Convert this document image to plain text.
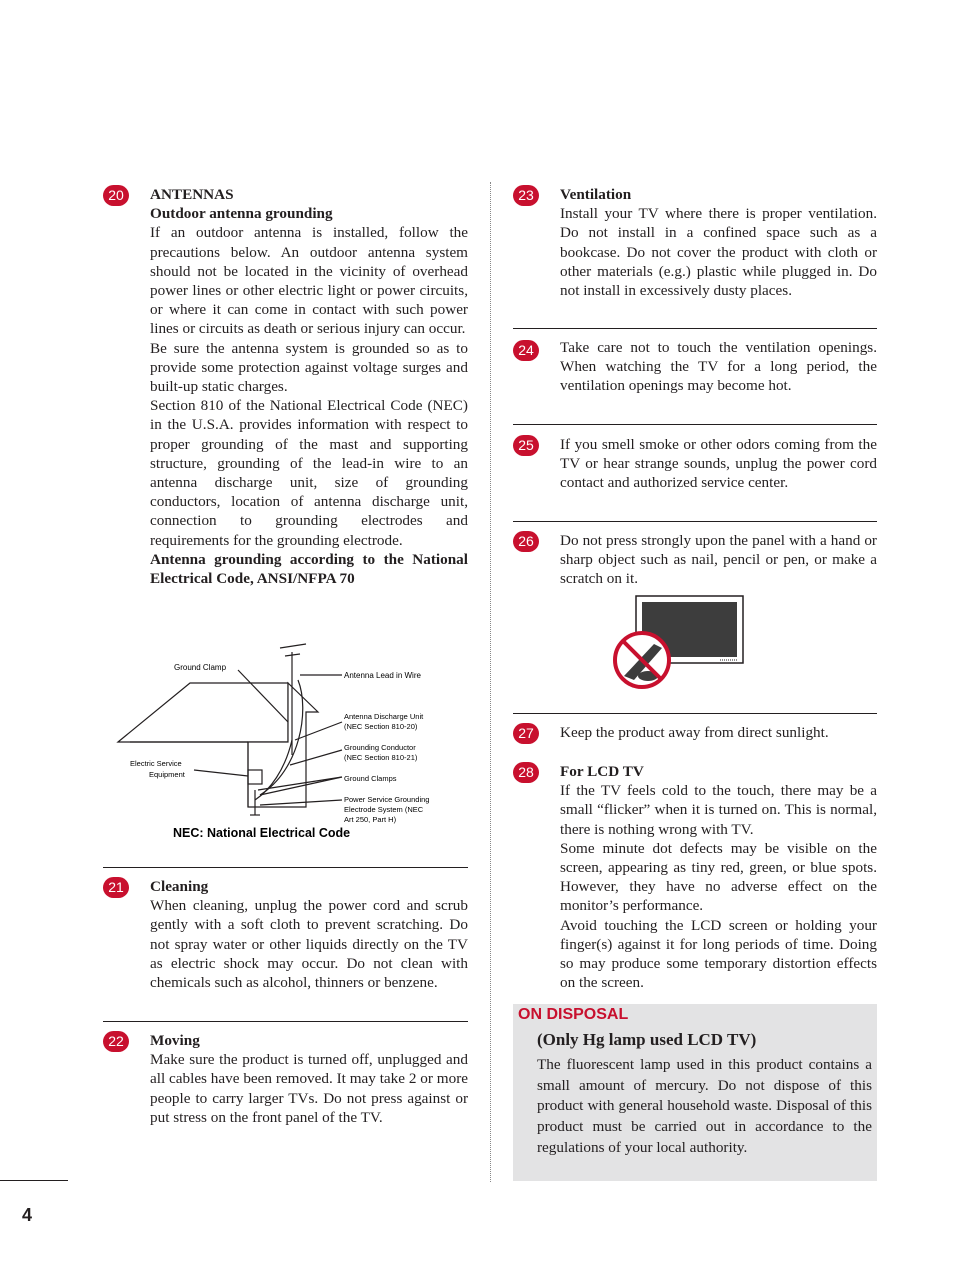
20	ANTENNAS
Outdoor antenna grounding
If an outdoor antenna is installed, follow the precautions below. An outdoor antenna system should not be located in the vicinity of overhead power lines or other electric light or power circuits, or where it can come in contact with such power lines or circuits as death or serious injury can occur.
Be sure the antenna system is grounded so as to provide some protection against voltage surges and built-up static charges.
Section 810 of the National Electrical Code (NEC) in the U.S.A. provides information with respect to proper grounding of the mast and supporting structure, grounding of the lead-in wire to an antenna discharge unit, size of grounding conductors, location of antenna discharge unit, connection to grounding electrodes and requirements for the grounding electrode.
Antenna grounding according to the National Electrical Code, ANSI/NFPA 70
Ground Clamp
Antenna Lead in Wire
Antenna Discharge Unit
(NEC Section 810-20)
Grounding Conductor
(NEC Section 810-21)
Ground Clamps
Electric Service
Equipment
Power Service Grounding
Electrode System (NEC
Art 250, Part H)
NEC: National Electrical Code
21	Cleaning
When cleaning, unplug the power cord and scrub gently with a soft cloth to prevent scratching. Do not spray water or other liquids directly on the TV as electric shock may occur. Do not clean with chemicals such as alcohol, thinners or benzene.
22	Moving
Make sure the product is turned off, unplugged and all cables have been removed. It may take 2 or more people to carry larger TVs. Do not press against or put stress on the front panel of the TV.
23	Ventilation
Install your TV where there is proper ventilation. Do not install in a confined space such as a bookcase. Do not cover the product with cloth or other materials (e.g.) plastic while plugged in. Do not install in excessively dusty places.
24	Take care not to touch the ventilation openings. When watching the TV for a long period, the ventilation openings may become hot.
25	If you smell smoke or other odors coming from the TV or hear strange sounds, unplug the power cord contact and authorized service center.
26	Do not press strongly upon the panel with a hand or sharp object such as nail, pencil or pen, or make a scratch on it.
27	Keep the product away from direct sunlight.
28	For LCD TV
If the TV feels cold to the touch, there may be a small “flicker” when it is turned on. This is normal, there is nothing wrong with TV.
Some minute dot defects may be visible on the screen, appearing as tiny red, green, or blue spots. However, they have no adverse effect on the monitor’s performance.
Avoid touching the LCD screen or holding your finger(s) against it for long periods of time. Doing so may produce some temporary distortion effects on the screen.
ON DISPOSAL
(Only Hg lamp used LCD TV)
The fluorescent lamp used in this product contains a small amount of mercury. Do not dispose of this product with general household waste. Disposal of this product must be carried out in accordance to the regulations of your local authority.
4
